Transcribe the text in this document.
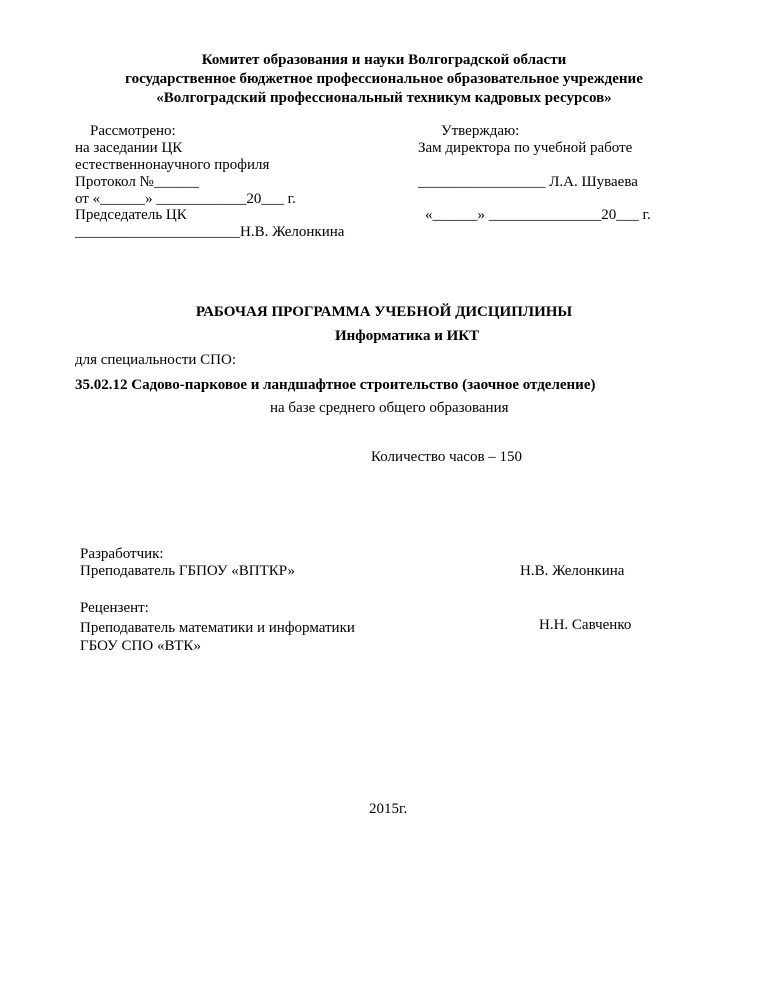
Комитет образования и науки Волгоградской области
государственное бюджетное профессиональное образовательное учреждение
«Волгоградский профессиональный техникум кадровых ресурсов»
Рассмотрено:
на заседании ЦК
естественнонаучного профиля
Протокол №______
от «______» ____________20___ г.
Председатель ЦК
______________________Н.В. Желонкина
Утверждаю:
Зам директора по учебной работе
_________________ Л.А. Шуваева
«______» _______________20___ г.
РАБОЧАЯ ПРОГРАММА УЧЕБНОЙ ДИСЦИПЛИНЫ
Информатика и ИКТ
для специальности СПО:
35.02.12 Садово-парковое и ландшафтное строительство (заочное отделение)
на базе среднего общего образования
Количество часов – 150
Разработчик:
Преподаватель ГБПОУ «ВПТКР»	Н.В. Желонкина
Рецензент:
Преподаватель математики и информатики	Н.Н. Савченко
ГБОУ СПО «ВТК»
2015г.
